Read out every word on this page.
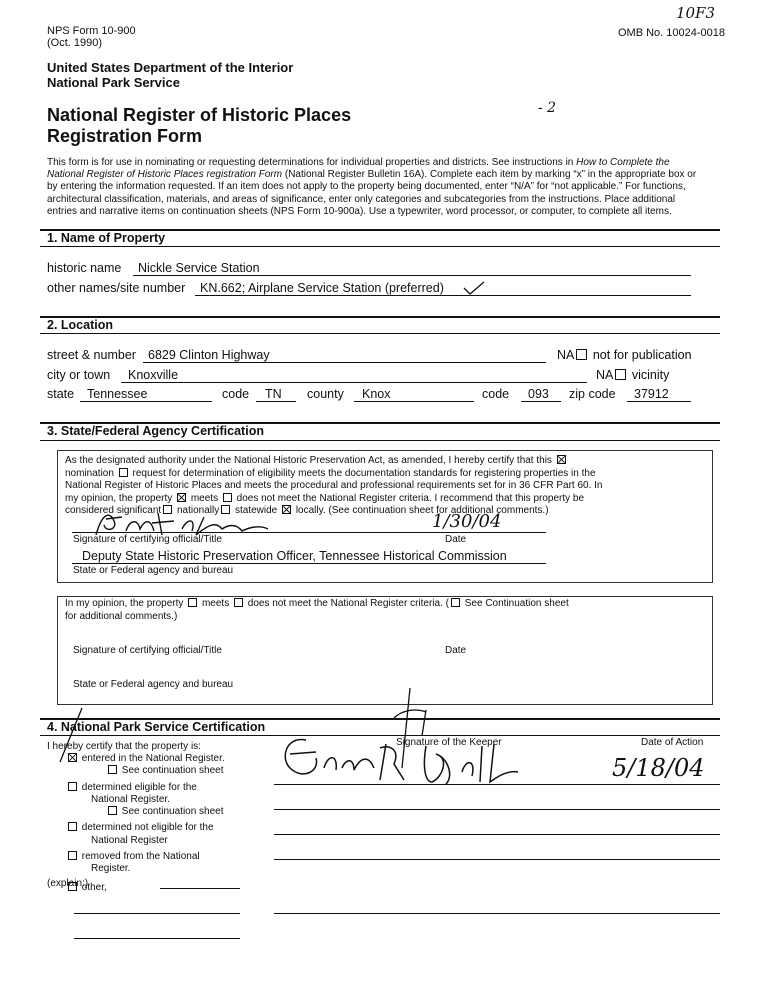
NPS Form 10-900
(Oct. 1990)
OMB No. 10024-0018
10F3
United States Department of the Interior
National Park Service
National Register of Historic Places
Registration Form
- 2
This form is for use in nominating or requesting determinations for individual properties and districts. See instructions in How to Complete the
National Register of Historic Places registration Form (National Register Bulletin 16A). Complete each item by marking “x” in the appropriate box or
by entering the information requested. If an item does not apply to the property being documented, enter “N/A” for “not applicable.” For functions,
architectural classification, materials, and areas of significance, enter only categories and subcategories from the instructions. Place additional
entries and narrative items on continuation sheets (NPS Form 10-900a). Use a typewriter, word processor, or computer, to complete all items.
1. Name of Property
historic name Nickle Service Station
other names/site number KN.662; Airplane Service Station (preferred)
2. Location
street & number 6829 Clinton Highway	NA not for publication
city or town Knoxville	NA vicinity
state Tennessee	code TN county Knox	code 093 zip code 37912
3. State/Federal Agency Certification
As the designated authority under the National Historic Preservation Act, as amended, I hereby certify that this
nomination request for determination of eligibility meets the documentation standards for registering properties in the
National Register of Historic Places and meets the procedural and professional requirements set for in 36 CFR Part 60. In
my opinion, the property meets does not meet the National Register criteria. I recommend that this property be
considered significant nationally statewide locally. (See continuation sheet for additional comments.)
1/30/04
Signature of certifying official/Title	Date
Deputy State Historic Preservation Officer, Tennessee Historical Commission
State or Federal agency and bureau
In my opinion, the property meets does not meet the National Register criteria. ( See Continuation sheet
for additional comments.)
Signature of certifying official/Title	Date
State or Federal agency and bureau
4. National Park Service Certification
I hereby certify that the property is:	Signature of the Keeper	Date of Action
5/18/04
entered in the National Register.
See continuation sheet
determined eligible for the
National Register.
See continuation sheet
determined not eligible for the
National Register
removed from the National
Register.
other,
(explain:)
